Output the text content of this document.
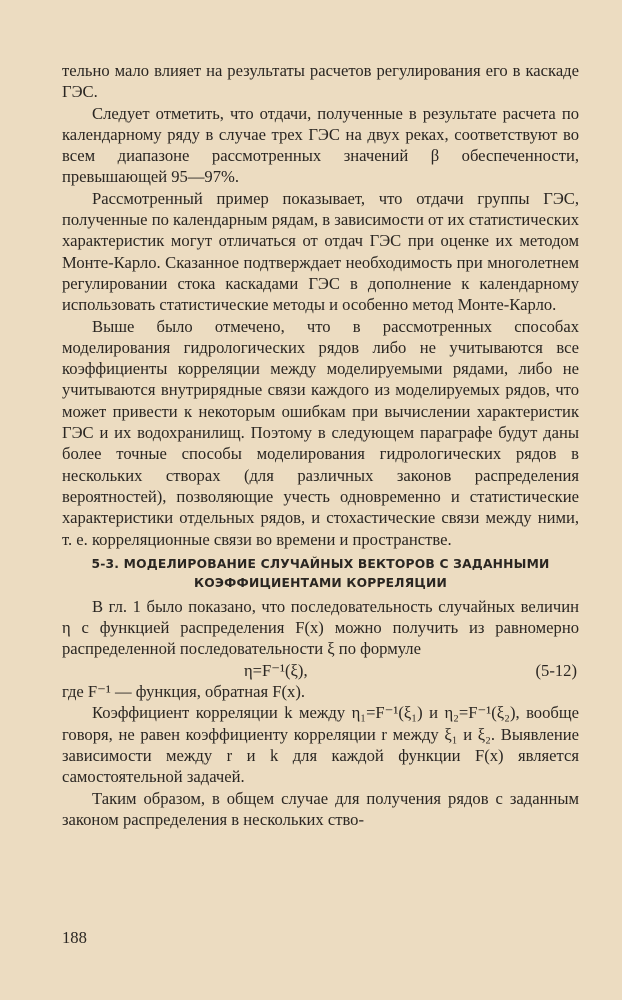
тельно мало влияет на результаты расчетов регулирования его в каскаде ГЭС.

Следует отметить, что отдачи, полученные в результате расчета по календарному ряду в случае трех ГЭС на двух реках, соответствуют во всем диапазоне рассмотренных значений β обеспеченности, превышающей 95—97%.

Рассмотренный пример показывает, что отдачи группы ГЭС, полученные по календарным рядам, в зависимости от их статистических характеристик могут отличаться от отдач ГЭС при оценке их методом Монте-Карло. Сказанное подтверждает необходимость при многолетнем регулировании стока каскадами ГЭС в дополнение к календарному использовать статистические методы и особенно метод Монте-Карло.

Выше было отмечено, что в рассмотренных способах моделирования гидрологических рядов либо не учитываются все коэффициенты корреляции между моделируемыми рядами, либо не учитываются внутрирядные связи каждого из моделируемых рядов, что может привести к некоторым ошибкам при вычислении характеристик ГЭС и их водохранилищ. Поэтому в следующем параграфе будут даны более точные способы моделирования гидрологических рядов в нескольких створах (для различных законов распределения вероятностей), позволяющие учесть одновременно и статистические характеристики отдельных рядов, и стохастические связи между ними, т. е. корреляционные связи во времени и пространстве.

5-3. МОДЕЛИРОВАНИЕ СЛУЧАЙНЫХ ВЕКТОРОВ С ЗАДАННЫМИ
КОЭФФИЦИЕНТАМИ КОРРЕЛЯЦИИ

В гл. 1 было показано, что последовательность случайных величин η с функцией распределения F(x) можно получить из равномерно распределенной последовательности ξ по формуле

η=F⁻¹(ξ),	(5-12)

где F⁻¹ — функция, обратная F(x).

Коэффициент корреляции k между η₁=F⁻¹(ξ₁) и η₂=F⁻¹(ξ₂), вообще говоря, не равен коэффициенту корреляции r между ξ₁ и ξ₂. Выявление зависимости между r и k для каждой функции F(x) является самостоятельной задачей.

Таким образом, в общем случае для получения рядов с заданным законом распределения в нескольких ство-

188
